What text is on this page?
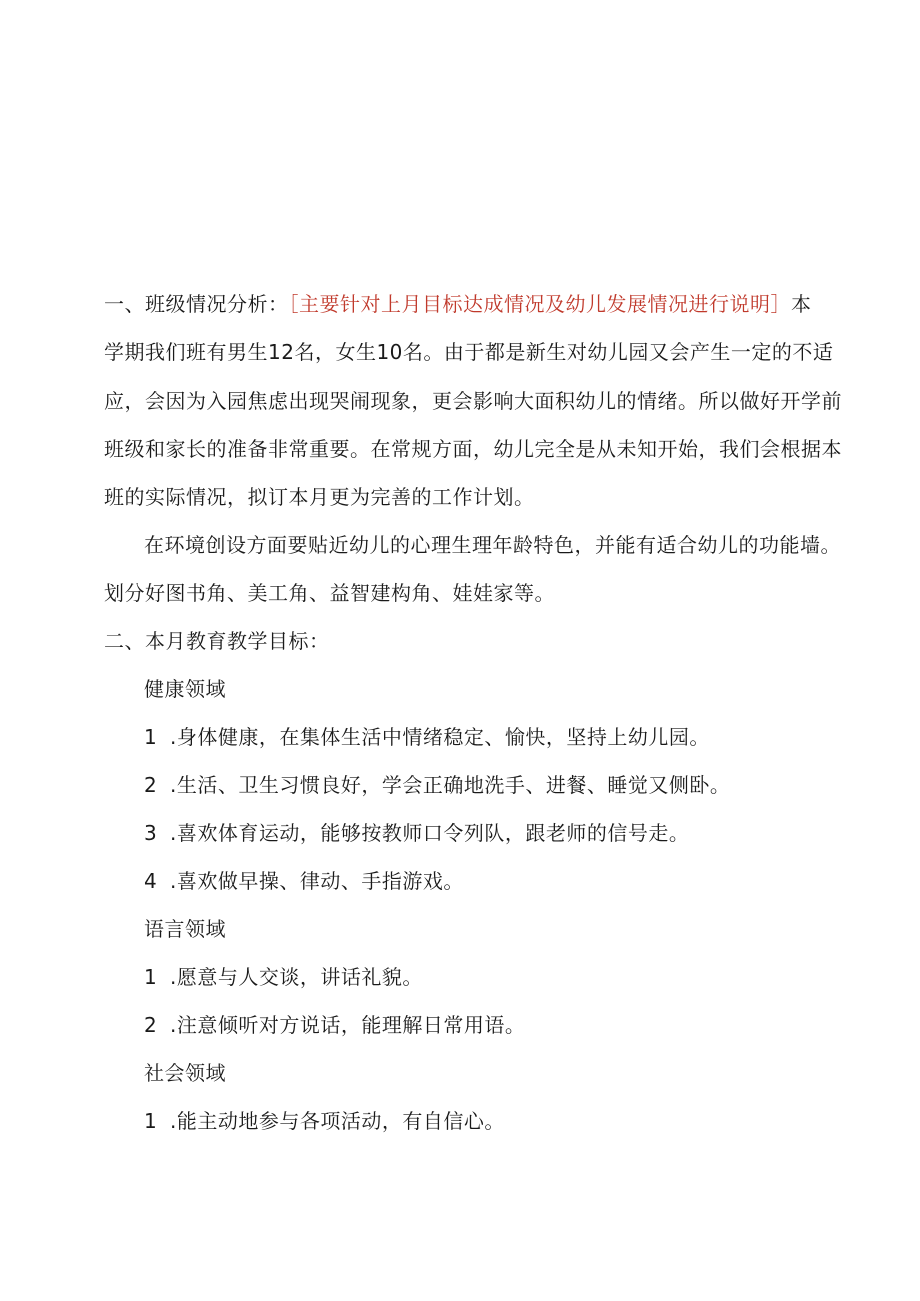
一、班级情况分析：［主要针对上月目标达成情况及幼儿发展情况进行说明］本
学期我们班有男生12名，女生10名。由于都是新生对幼儿园又会产生一定的不适
应，会因为入园焦虑出现哭闹现象，更会影响大面积幼儿的情绪。所以做好开学前
班级和家长的准备非常重要。在常规方面，幼儿完全是从未知开始，我们会根据本
班的实际情况，拟订本月更为完善的工作计划。
在环境创设方面要贴近幼儿的心理生理年龄特色，并能有适合幼儿的功能墙。
划分好图书角、美工角、益智建构角、娃娃家等。
二、本月教育教学目标：
健康领域
1 .身体健康，在集体生活中情绪稳定、愉快，坚持上幼儿园。
2 .生活、卫生习惯良好，学会正确地洗手、进餐、睡觉又侧卧。
3 .喜欢体育运动，能够按教师口令列队，跟老师的信号走。
4 .喜欢做早操、律动、手指游戏。
语言领域
1 .愿意与人交谈，讲话礼貌。
2 .注意倾听对方说话，能理解日常用语。
社会领域
1 .能主动地参与各项活动，有自信心。
